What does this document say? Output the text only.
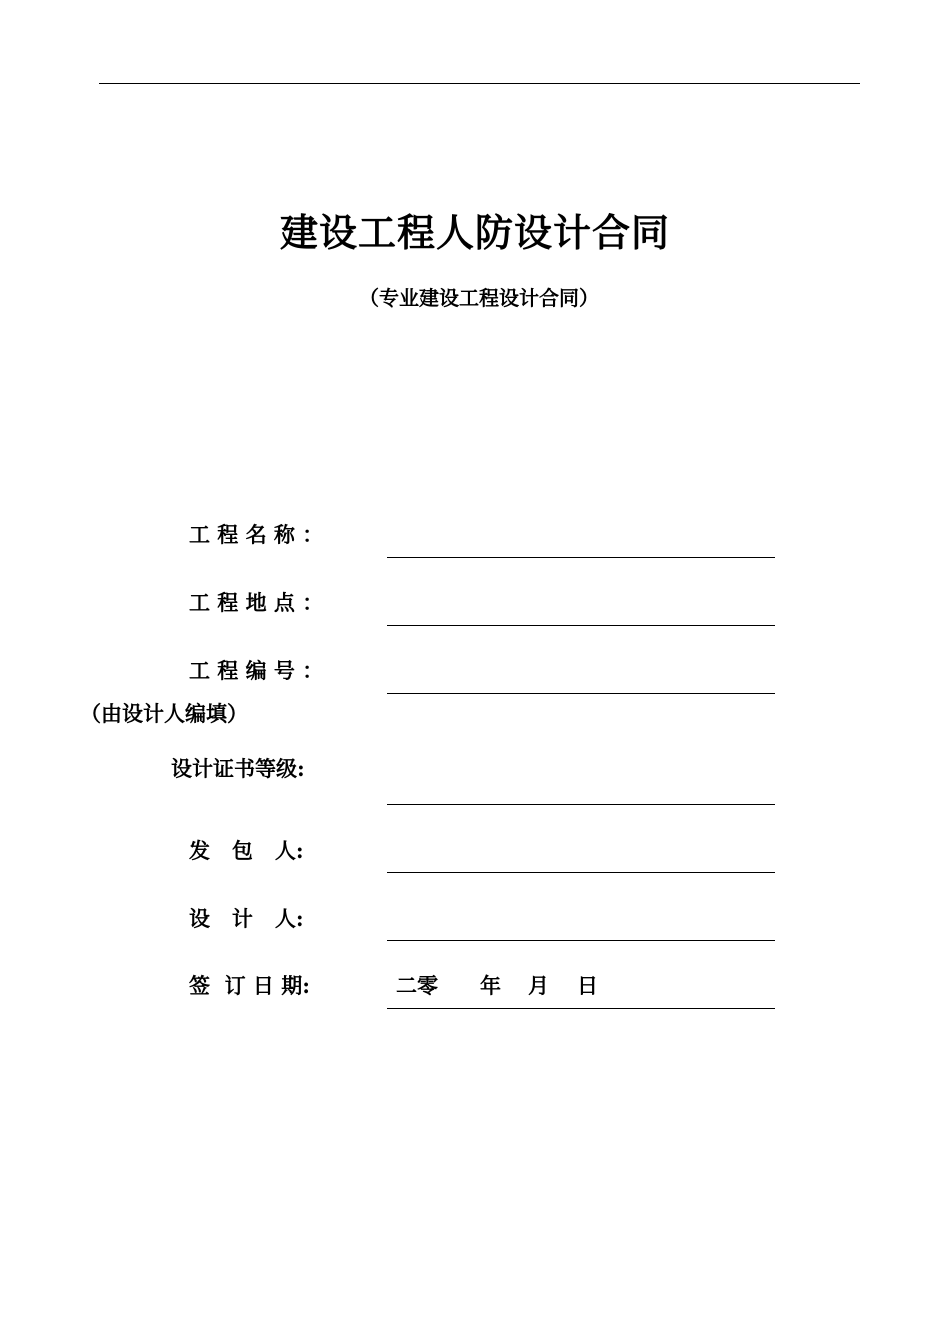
建设工程人防设计合同
（专业建设工程设计合同）
工 程 名 称 ：
工 程 地 点 ：
工 程 编 号 ：
（由设计人编填）
设计证书等级:
发   包   人:
设   计   人:
签  订 日 期:	二零 年 月 日
